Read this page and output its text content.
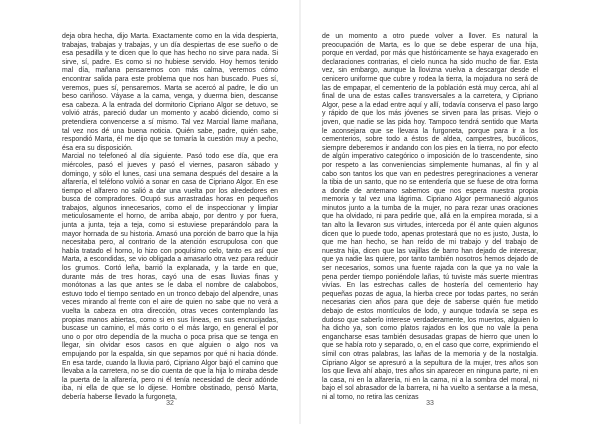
deja obra hecha, dijo Marta. Exactamente como en la vida despierta, trabajas, trabajas y trabajas, y un día despiertas de ese sueño o de esa pesadilla y te dicen que lo que has hecho no sirve para nada. Si sirve, sí, padre. Es como si no hubiese servido. Hoy hemos tenido mal día, mañana pensaremos con más calma, veremos cómo encontrar salida para este problema que nos han buscado. Pues sí, veremos, pues sí, pensaremos. Marta se acercó al padre, le dio un beso cariñoso. Váyase a la cama, venga, y duerma bien, descanse esa cabeza. A la entrada del dormitorio Cipriano Algor se detuvo, se volvió atrás, pareció dudar un momento y acabó diciendo, como si pretendiera convencerse a sí mismo. Tal vez Marcial llame mañana, tal vez nos dé una buena noticia. Quién sabe, padre, quién sabe, respondió Marta, él me dijo que se tomaría la cuestión muy a pecho, ésa era su disposición.

Marcial no telefoneó al día siguiente. Pasó todo ese día, que era miércoles, pasó el jueves y pasó el viernes, pasaron sábado y domingo, y sólo el lunes, casi una semana después del desaire a la alfarería, el teléfono volvió a sonar en casa de Cipriano Algor. En ese tiempo el alfarero no salió a dar una vuelta por los alrededores en busca de compradores. Ocupó sus arrastradas horas en pequeños trabajos, algunos innecesarios, como el de inspeccionar y limpiar meticulosamente el horno, de arriba abajo, por dentro y por fuera, junta a junta, teja a teja, como si estuviese preparándolo para la mayor hornada de su historia. Amasó una porción de barro que la hija necesitaba pero, al contrario de la atención escrupulosa con que había tratado el horno, lo hizo con poquísimo celo, tanto es así que Marta, a escondidas, se vio obligada a amasarlo otra vez para reducir los grumos. Cortó leña, barrió la explanada, y la tarde en que, durante más de tres horas, cayó una de esas lluvias finas y monótonas a las que antes se le daba el nombre de calabobos, estuvo todo el tiempo sentado en un tronco debajo del alpendre, unas veces mirando al frente con el aire de quien no sabe que no verá a vuelta la cabeza en otra dirección, otras veces contemplando las propias manos abiertas, como si en sus líneas, en sus encrucijadas, buscase un camino, el más corto o el más largo, en general el por uno o por otro dependía de la mucha o poca prisa que se tenga en llegar, sin olvidar esos casos en que alguien o algo nos va empujando por la espalda, sin que sepamos por qué ni hacia dónde. En esa tarde, cuando la lluvia paró, Cipriano Algor bajó el camino que llevaba a la carretera, no se dio cuenta de que la hija lo miraba desde la puerta de la alfarería, pero ni él tenía necesidad de decir adónde iba, ni ella de que se lo dijese. Hombre obstinado, pensó Marta, debería haberse llevado la furgoneta,

32

de un momento a otro puede volver a llover. Es natural la preocupación de Marta, es lo que se debe esperar de una hija, porque en verdad, por más que históricamente se haya exagerado en declaraciones contrarias, el cielo nunca ha sido mucho de fiar. Esta vez, sin embargo, aunque la llovizna vuelva a descargar desde el cenicero uniforme que cubre y rodea la tierra, la mojadura no será de las de empapar, el cementerio de la población está muy cerca, ahí al final de una de estas calles transversales a la carretera, y Cipriano Algor, pese a la edad entre aquí y allí, todavía conserva el paso largo y rápido de que los más jóvenes se sirven para las prisas. Viejo o joven, que nadie se las pida hoy. Tampoco tendrá sentido que Marta le aconsejara que se llevara la furgoneta, porque para ir a los cementerios, sobre todo a éstos de aldea, campestres, bucólicos, siempre deberemos ir andando con los pies en la tierra, no por efecto de algún imperativo categórico o imposición de lo trascendente, sino por respeto a las conveniencias simplemente humanas, al fin y al cabo son tantos los que van en pedestres peregrinaciones a venerar la tibia de un santo, que no se entendería que se fuese de otra forma a donde de antemano sabemos que nos espera nuestra propia memoria y tal vez una lágrima. Cipriano Algor permaneció algunos minutos junto a la tumba de la mujer, no para rezar unas oraciones que ha olvidado, ni para pedirle que, allá en la empírea morada, si a tan alto la llevaron sus virtudes, interceda por él ante quien algunos dicen que lo puede todo, apenas protestará que no es justo, Justa, lo que me han hecho, se han reído de mi trabajo y del trabajo de nuestra hija, dicen que las vajillas de barro han dejado de interesar, que ya nadie las quiere, por tanto también nosotros hemos dejado de ser necesarios, somos una fuente rajada con la que ya no vale la pena perder tiempo poniéndole lañas, tú tuviste más suerte mientras vivías. En las estrechas calles de hostería del cementerio hay pequeñas pozas de agua, la hierba crece por todas partes, no serán necesarias cien años para que deje de saberse quién fue metido debajo de estos montículos de lodo, y aunque todavía se sepa es dudoso que saberlo interese verdaderamente, los muertos, alguien lo ha dicho ya, son como platos rajados en los que no vale la pena engancharse esas también desusadas grapas de hierro que unen lo que se había roto y separado, o, en el caso que corre, exprimiendo el símil con otras palabras, las lañas de la memoria y de la nostalgia. Cipriano Algor se apresuró a la sepultura de la mujer, tres años son los que lleva ahí abajo, tres años sin aparecer en ninguna parte, ni en la casa, ni en la alfarería, ni en la cama, ni a la sombra del moral, ni bajo el sol abrasador de la barrera, ni ha vuelto a sentarse a la mesa, ni al torno, no retira las cenizas

33
